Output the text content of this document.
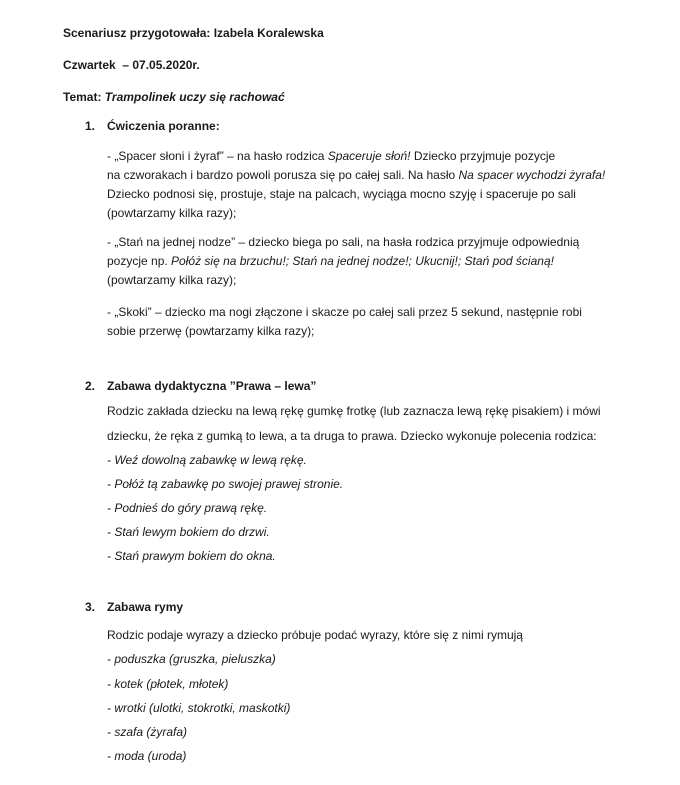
Scenariusz przygotowała: Izabela Koralewska
Czwartek – 07.05.2020r.
Temat: Trampolinek uczy się rachować
1. Ćwiczenia poranne:
- „Spacer słoni i żyraf” – na hasło rodzica Spaceruje słoń! Dziecko przyjmuje pozycje
na czworakach i bardzo powoli porusza się po całej sali. Na hasło Na spacer wychodzi żyrafa!
Dziecko podnosi się, prostuje, staje na palcach, wyciąga mocno szyję i spaceruje po sali
(powtarzamy kilka razy);
- „Stań na jednej nodze” – dziecko biega po sali, na hasła rodzica przyjmuje odpowiednią
pozycje np. Połóż się na brzuchu!; Stań na jednej nodze!; Ukucnij!; Stań pod ścianą!
(powtarzamy kilka razy);
- „Skoki” – dziecko ma nogi złączone i skacze po całej sali przez 5 sekund, następnie robi
sobie przerwę (powtarzamy kilka razy);
2. Zabawa dydaktyczna ”Prawa – lewa”
Rodzic zakłada dziecku na lewą rękę gumkę frotkę (lub zaznacza lewą rękę pisakiem) i mówi
dziecku, że ręka z gumką to lewa, a ta druga to prawa. Dziecko wykonuje polecenia rodzica:
- Weź dowolną zabawkę w lewą rękę.
- Połóż tą zabawkę po swojej prawej stronie.
- Podnieś do góry prawą rękę.
- Stań lewym bokiem do drzwi.
- Stań prawym bokiem do okna.
3. Zabawa rymy
Rodzic podaje wyrazy a dziecko próbuje podać wyrazy, które się z nimi rymują
- poduszka (gruszka, pieluszka)
- kotek (płotek, młotek)
- wrotki (ulotki, stokrotki, maskotki)
- szafa (żyrafa)
- moda (uroda)
